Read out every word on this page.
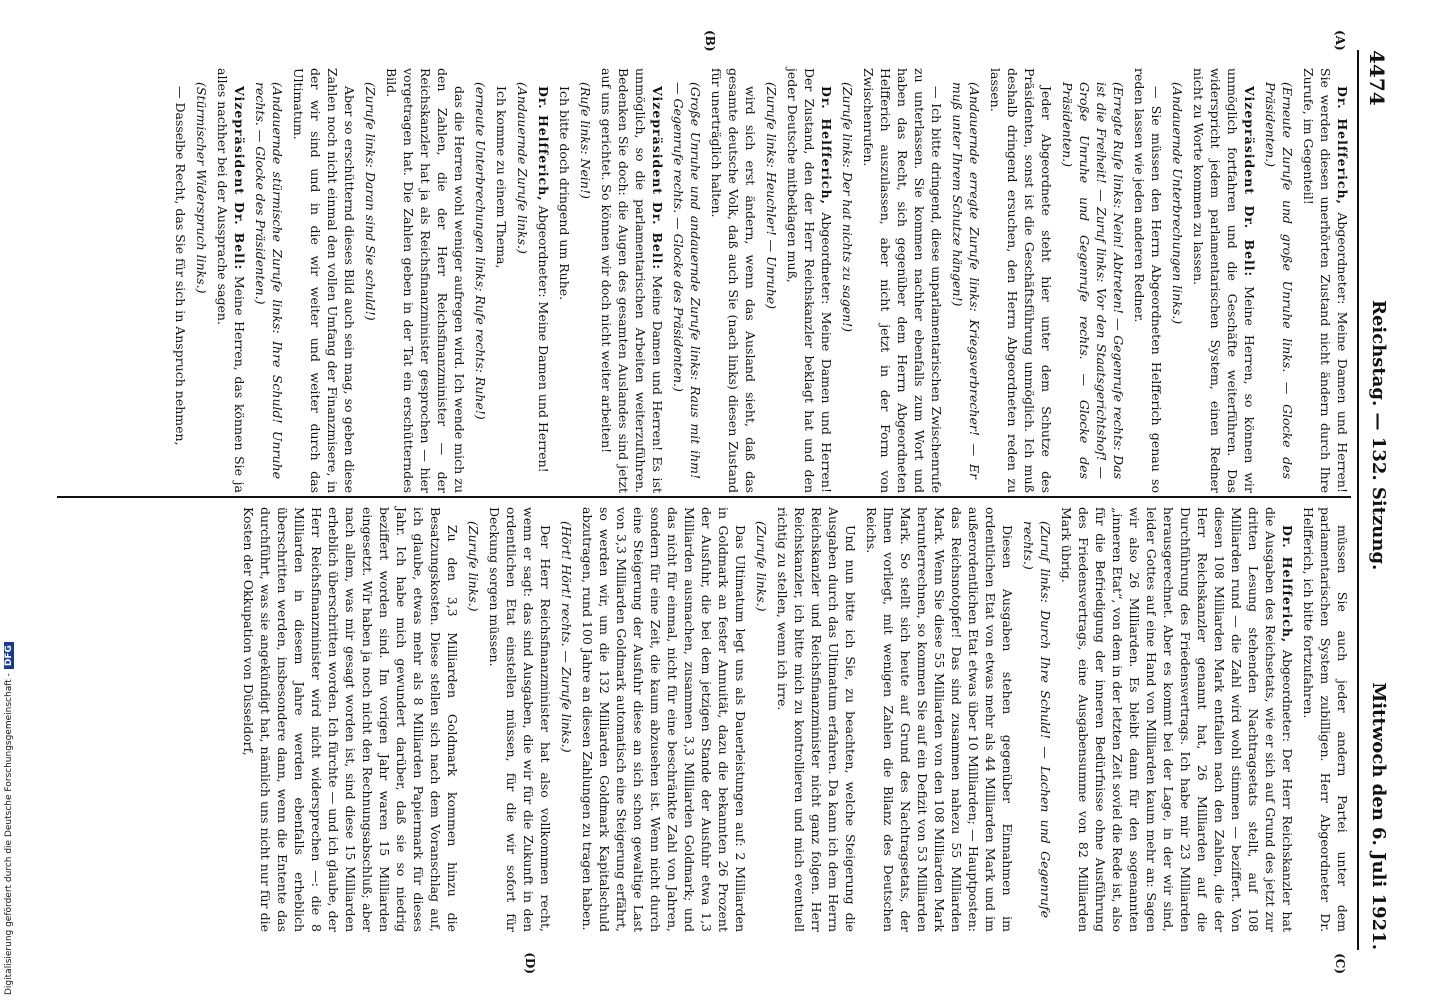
4474
Reichstag. — 132. Sitzung.
Mittwoch den 6. Juli 1921.
(A)
(B)
(C)
(D)

Dr. Helfferich, Abgeordneter: Meine Damen und Herren! Sie werden diesen unerhörten Zustand nicht ändern durch Ihre Zurufe, im Gegenteil!

(Erneute Zurufe und große Unruhe links. — Glocke des Präsidenten.)

Vizepräsident Dr. Bell: Meine Herren, so können wir unmöglich fortfahren und die Geschäfte weiterführen. Das widerspricht jedem parlamentarischen System, einen Redner nicht zu Worte kommen zu lassen.

(Andauernde Unterbrechungen links.)

— Sie müssen den Herrn Abgeordneten Helfferich genau so reden lassen wie jeden anderen Redner.

(Erregte Rufe links: Nein! Abtreten! — Gegenrufe rechts: Das ist die Freiheit! — Zuruf links: Vor den Staatsgerichtshof! — Große Unruhe und Gegenrufe rechts. — Glocke des Präsidenten.)

Jeder Abgeordnete steht hier unter dem Schutze des Präsidenten, sonst ist die Geschäftsführung unmöglich. Ich muß deshalb dringend ersuchen, den Herrn Abgeordneten reden zu lassen.

(Andauernde erregte Zurufe links: Kriegsverbrecher! — Er muß unter Ihrem Schutze hängen!)

— Ich bitte dringend, diese unparlamentarischen Zwischenrufe zu unterlassen. Sie kommen nachher ebenfalls zum Wort und haben das Recht, sich gegenüber dem Herrn Abgeordneten Helfferich auszulassen, aber nicht jetzt in der Form von Zwischenrufen.

(Zurufe links: Der hat nichts zu sagen!)

Dr. Helfferich, Abgeordneter: Meine Damen und Herren! Der Zustand, den der Herr Reichskanzler beklagt hat und den jeder Deutsche mitbeklagen muß,

(Zurufe links: Heuchler! — Unruhe)

wird sich erst ändern, wenn das Ausland sieht, daß das gesamte deutsche Volk, daß auch Sie (nach links) diesen Zustand für unerträglich halten.

(Große Unruhe und andauernde Zurufe links: Raus mit ihm! — Gegenrufe rechts. — Glocke des Präsidenten.)

Vizepräsident Dr. Bell: Meine Damen und Herren! Es ist unmöglich, so die parlamentarischen Arbeiten weiterzuführen. Bedenken Sie doch: die Augen des gesamten Auslandes sind jetzt auf uns gerichtet. So können wir doch nicht weiter arbeiten!

(Rufe links: Nein!)

Ich bitte doch dringend um Ruhe.

Dr. Helfferich, Abgeordneter: Meine Damen und Herren!

(Andauernde Zurufe links.)

Ich komme zu einem Thema,

(erneute Unterbrechungen links; Rufe rechts: Ruhe!)

das die Herren wohl weniger aufregen wird. Ich wende mich zu den Zahlen, die der Herr Reichsfinanzminister — der Reichskanzler hat ja als Reichsfinanzminister gesprochen — hier vorgetragen hat. Die Zahlen geben in der Tat ein erschütterndes Bild.

(Zurufe links: Daran sind Sie schuld!)

Aber so erschütternd dieses Bild auch sein mag, so geben diese Zahlen noch nicht einmal den vollen Umfang der Finanzmisere, in der wir sind und in die wir weiter und weiter durch das Ultimatum.

(Andauernde stürmische Zurufe links: Ihre Schuld! Unruhe rechts. — Glocke des Präsidenten.)

Vizepräsident Dr. Bell: Meine Herren, das können Sie ja alles nachher bei der Aussprache sagen.

(Stürmischer Widerspruch links.)

— Dasselbe Recht, das Sie für sich in Anspruch nehmen,

müssen Sie auch jeder andern Partei unter dem parlamentarischen System zubilligen. Herr Abgeordneter Dr. Helfferich, ich bitte fortzufahren.

Dr. Helfferich, Abgeordneter: Der Herr Reichskanzler hat die Ausgaben des Reichsetats, wie er sich auf Grund des jetzt zur dritten Lesung stehenden Nachtragsetats stellt, auf 108 Milliarden rund — die Zahl wird wohl stimmen — beziffert. Von diesen 108 Milliarden Mark entfallen nach den Zahlen, die der Herr Reichskanzler genannt hat, 26 Milliarden auf die Durchführung des Friedensvertrags. Ich habe mir 23 Milliarden herausgerechnet. Aber es kommt bei der Lage, in der wir sind, leider Gottes auf eine Hand von Milliarden kaum mehr an: Sagen wir also 26 Milliarden. Es bleibt dann für den sogenannten „inneren Etat“, von dem in der letzten Zeit soviel die Rede ist, also für die Befriedigung der inneren Bedürfnisse ohne Ausführung des Friedensvertrags, eine Ausgabensumme von 82 Milliarden Mark übrig.

(Zuruf links: Durch Ihre Schuld! — Lachen und Gegenrufe rechts.)

Diesen Ausgaben stehen gegenüber Einnahmen im ordentlichen Etat von etwas mehr als 44 Milliarden Mark und im außerordentlichen Etat etwas über 10 Milliarden; — Hauptposten: das Reichsnotopfer! Das sind zusammen nahezu 55 Milliarden Mark. Wenn Sie diese 55 Milliarden von den 108 Milliarden Mark herunterrechnen, so kommen Sie auf ein Defizit von 53 Milliarden Mark. So stellt sich heute auf Grund des Nachtragsetats, der Ihnen vorliegt, mit wenigen Zahlen die Bilanz des Deutschen Reichs.

Und nun bitte ich Sie, zu beachten, welche Steigerung die Ausgaben durch das Ultimatum erfahren. Da kann ich dem Herrn Reichskanzler und Reichsfinanzminister nicht ganz folgen. Herr Reichskanzler, ich bitte mich zu kontrollieren und mich eventuell richtig zu stellen, wenn ich irre.

(Zurufe links.)

Das Ultimatum legt uns als Dauerleistungen auf: 2 Milliarden in Goldmark an fester Annuität, dazu die bekannten 26 Prozent der Ausfuhr, die bei dem jetzigen Stande der Ausfuhr etwa 1,3 Milliarden ausmachen, zusammen 3,3 Milliarden Goldmark; und das nicht für einmal, nicht für eine beschränkte Zahl von Jahren, sondern für eine Zeit, die kaum abzusehen ist. Wenn nicht durch eine Steigerung der Ausfuhr diese an sich schon gewaltige Last von 3,3 Milliarden Goldmark automatisch eine Steigerung erfährt, so werden wir, um die 132 Milliarden Goldmark Kapitalschuld abzutragen, rund 100 Jahre an diesen Zahlungen zu tragen haben.

(Hört! Hört! rechts. — Zurufe links.)

Der Herr Reichsfinanzminister hat also vollkommen recht, wenn er sagt: das sind Ausgaben, die wir für die Zukunft in den ordentlichen Etat einstellen müssen, für die wir sofort für Deckung sorgen müssen.

(Zurufe links.)

Zu den 3,3 Milliarden Goldmark kommen hinzu die Besatzungskosten. Diese stellen sich nach dem Voranschlag auf, ich glaube, etwas mehr als 8 Milliarden Papiermark für dieses Jahr. Ich habe mich gewundert darüber, daß sie so niedrig beziffert worden sind. Im vorigen Jahr waren 15 Milliarden eingesetzt. Wir haben ja noch nicht den Rechnungsabschluß; aber nach allem, was mir gesagt worden ist, sind diese 15 Milliarden erheblich überschritten worden. Ich fürchte — und ich glaube, der Herr Reichsfinanzminister wird nicht widersprechen —: die 8 Milliarden in diesem Jahre werden ebenfalls erheblich überschritten werden, insbesondere dann, wenn die Entente das durchführt, was sie angekündigt hat, nämlich uns nicht nur für die Kosten der Okkupation von Düsseldorf,

Digitalisierung gefördert durch die Deutsche Forschungsgemeinschaft -DFG
